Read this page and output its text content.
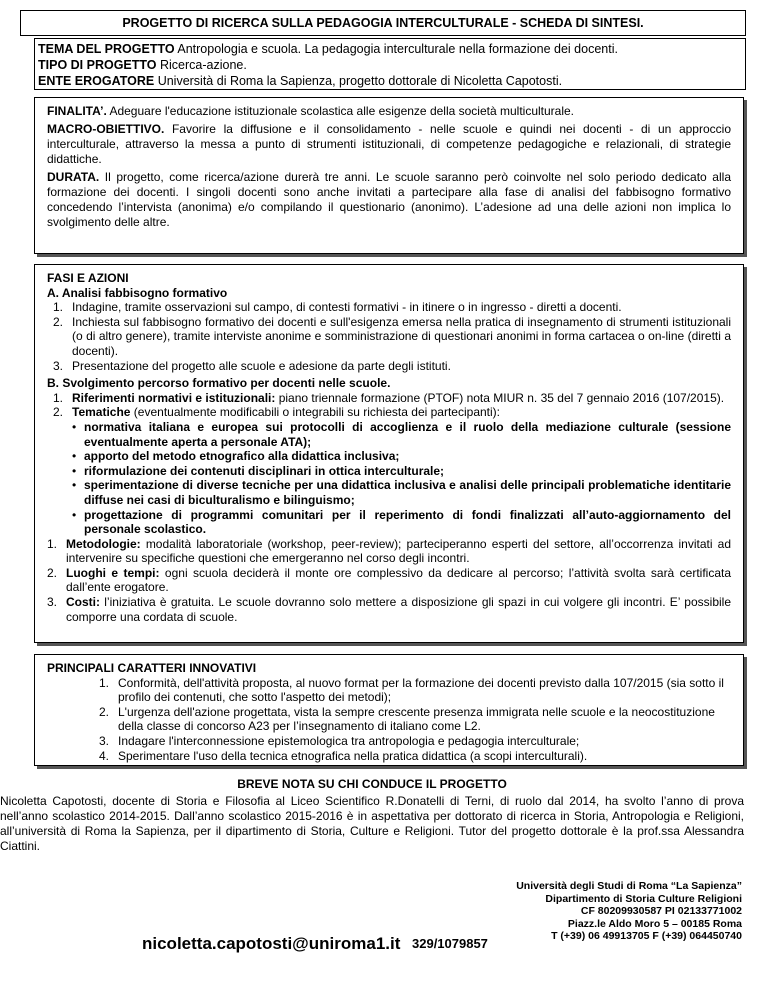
PROGETTO DI RICERCA SULLA PEDAGOGIA INTERCULTURALE - SCHEDA DI SINTESI.
TEMA DEL PROGETTO Antropologia e scuola. La pedagogia interculturale nella formazione dei docenti.
TIPO DI PROGETTO Ricerca-azione.
ENTE EROGATORE Università di Roma la Sapienza, progetto dottorale di Nicoletta Capotosti.

FINALITA’. Adeguare l'educazione istituzionale scolastica alle esigenze della società multiculturale.

MACRO-OBIETTIVO. Favorire la diffusione e il consolidamento - nelle scuole e quindi nei docenti - di un approccio interculturale, attraverso la messa a punto di strumenti istituzionali, di competenze pedagogiche e relazionali, di strategie didattiche.

DURATA. Il progetto, come ricerca/azione durerà tre anni. Le scuole saranno però coinvolte nel solo periodo dedicato alla formazione dei docenti. I singoli docenti sono anche invitati a partecipare alla fase di analisi del fabbisogno formativo concedendo l’intervista (anonima) e/o compilando il questionario (anonimo). L’adesione ad una delle azioni non implica lo svolgimento delle altre.

FASI E AZIONI
A. Analisi fabbisogno formativo
1. Indagine, tramite osservazioni sul campo, di contesti formativi - in itinere o in ingresso - diretti a docenti.
2. Inchiesta sul fabbisogno formativo dei docenti e sull'esigenza emersa nella pratica di insegnamento di strumenti istituzionali (o di altro genere), tramite interviste anonime e somministrazione di questionari anonimi in forma cartacea o on-line (diretti a docenti).
3. Presentazione del progetto alle scuole e adesione da parte degli istituti.
B. Svolgimento percorso formativo per docenti nelle scuole.
1. Riferimenti normativi e istituzionali: piano triennale formazione (PTOF) nota MIUR n. 35 del 7 gennaio 2016 (107/2015).
2. Tematiche (eventualmente modificabili o integrabili su richiesta dei partecipanti):
• normativa italiana e europea sui protocolli di accoglienza e il ruolo della mediazione culturale (sessione eventualmente aperta a personale ATA);
• apporto del metodo etnografico alla didattica inclusiva;
• riformulazione dei contenuti disciplinari in ottica interculturale;
• sperimentazione di diverse tecniche per una didattica inclusiva e analisi delle principali problematiche identitarie diffuse nei casi di biculturalismo e bilinguismo;
• progettazione di programmi comunitari per il reperimento di fondi finalizzati all’auto-aggiornamento del personale scolastico.
1. Metodologie: modalità laboratoriale (workshop, peer-review); parteciperanno esperti del settore, all’occorrenza invitati ad intervenire su specifiche questioni che emergeranno nel corso degli incontri.
2. Luoghi e tempi: ogni scuola deciderà il monte ore complessivo da dedicare al percorso; l’attività svolta sarà certificata dall’ente erogatore.
3. Costi: l’iniziativa è gratuita. Le scuole dovranno solo mettere a disposizione gli spazi in cui volgere gli incontri. E’ possibile comporre una cordata di scuole.
PRINCIPALI CARATTERI INNOVATIVI
1. Conformità, dell'attività proposta, al nuovo format per la formazione dei docenti previsto dalla 107/2015 (sia sotto il profilo dei contenuti, che sotto l'aspetto dei metodi);
2. L'urgenza dell'azione progettata, vista la sempre crescente presenza immigrata nelle scuole e la neocostituzione della classe di concorso A23 per l’insegnamento di italiano come L2.
3. Indagare l'interconnessione epistemologica tra antropologia e pedagogia interculturale;
4. Sperimentare l'uso della tecnica etnografica nella pratica didattica (a scopi interculturali).
BREVE NOTA SU CHI CONDUCE IL PROGETTO
Nicoletta Capotosti, docente di Storia e Filosofia al Liceo Scientifico R.Donatelli di Terni, di ruolo dal 2014, ha svolto l’anno di prova nell’anno scolastico 2014-2015. Dall’anno scolastico 2015-2016 è in aspettativa per dottorato di ricerca in Storia, Antropologia e Religioni, all’università di Roma la Sapienza, per il dipartimento di Storia, Culture e Religioni. Tutor del progetto dottorale è la prof.ssa Alessandra Ciattini.
Università degli Studi di Roma “La Sapienza”
Dipartimento di Storia Culture Religioni
CF 80209930587 PI 02133771002
Piazz.le Aldo Moro 5 – 00185 Roma
T (+39) 06 49913705 F (+39) 064450740
nicoletta.capotosti@uniroma1.it 329/1079857
